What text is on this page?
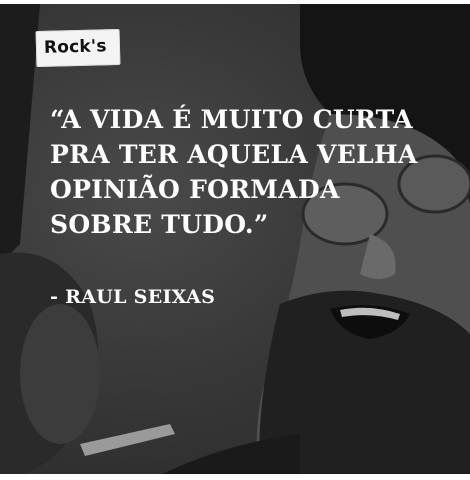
Rock's
“A VIDA É MUITO CURTA
PRA TER AQUELA VELHA
OPINIÃO FORMADA
SOBRE TUDO.”
- RAUL SEIXAS
